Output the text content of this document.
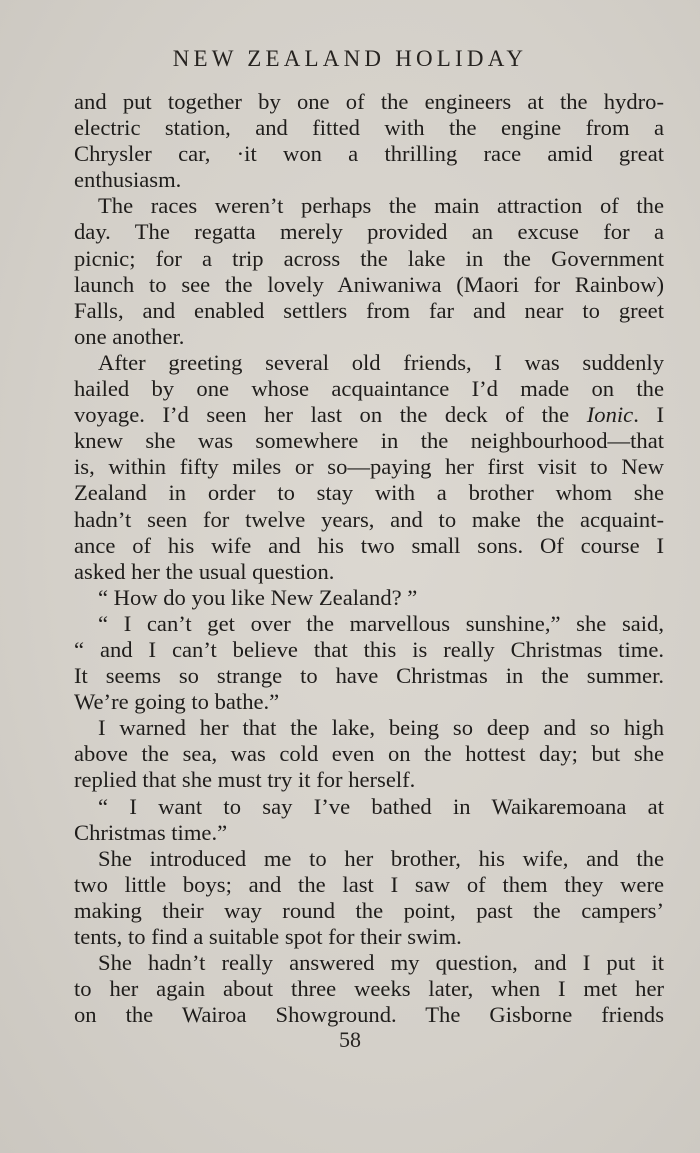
NEW ZEALAND HOLIDAY
and put together by one of the engineers at the hydro-
electric station, and fitted with the engine from a
Chrysler car, ·it won a thrilling race amid great
enthusiasm.
The races weren’t perhaps the main attraction of the
day. The regatta merely provided an excuse for a
picnic; for a trip across the lake in the Government
launch to see the lovely Aniwaniwa (Maori for Rainbow)
Falls, and enabled settlers from far and near to greet
one another.
After greeting several old friends, I was suddenly
hailed by one whose acquaintance I’d made on the
voyage. I’d seen her last on the deck of the Ionic. I
knew she was somewhere in the neighbourhood—that
is, within fifty miles or so—paying her first visit to New
Zealand in order to stay with a brother whom she
hadn’t seen for twelve years, and to make the acquaint-
ance of his wife and his two small sons. Of course I
asked her the usual question.
“ How do you like New Zealand? ”
“ I can’t get over the marvellous sunshine,” she said,
“ and I can’t believe that this is really Christmas time.
It seems so strange to have Christmas in the summer.
We’re going to bathe.”
I warned her that the lake, being so deep and so high
above the sea, was cold even on the hottest day; but she
replied that she must try it for herself.
“ I want to say I’ve bathed in Waikaremoana at
Christmas time.”
She introduced me to her brother, his wife, and the
two little boys; and the last I saw of them they were
making their way round the point, past the campers’
tents, to find a suitable spot for their swim.
She hadn’t really answered my question, and I put it
to her again about three weeks later, when I met her
on the Wairoa Showground. The Gisborne friends
58
